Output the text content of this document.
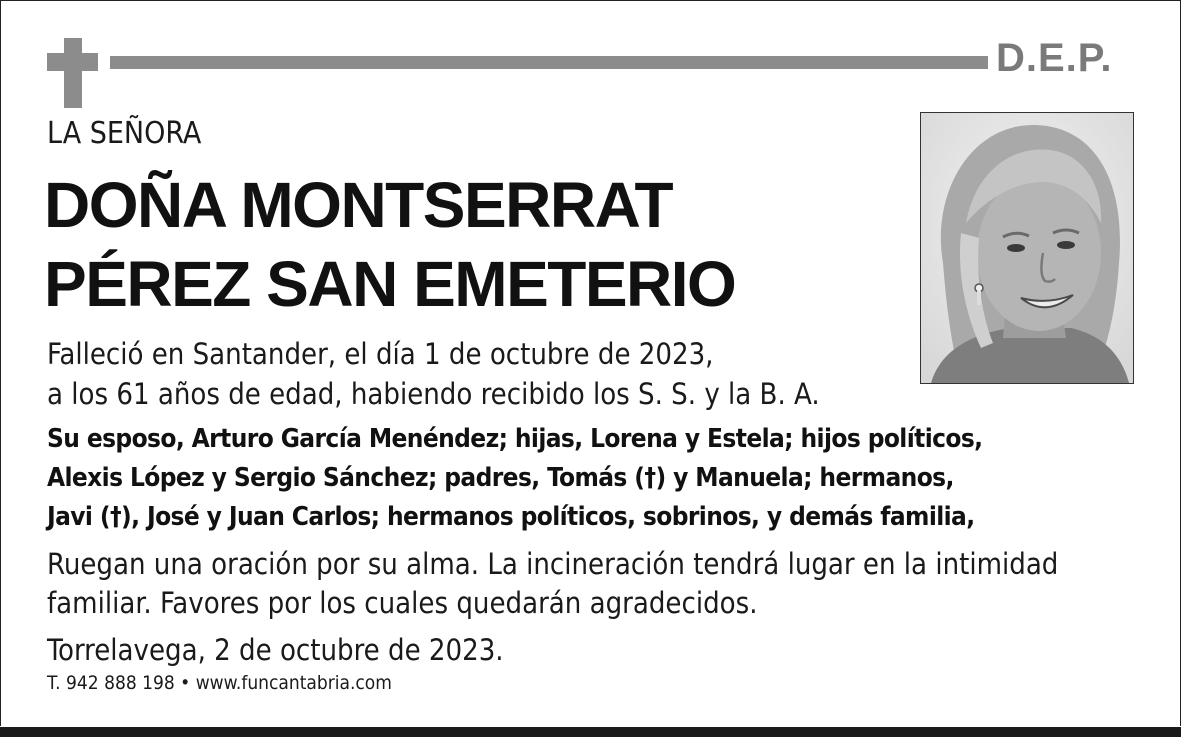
D.E.P.
LA SEÑORA
DOÑA MONTSERRAT
PÉREZ SAN EMETERIO
Falleció en Santander, el día 1 de octubre de 2023,
a los 61 años de edad, habiendo recibido los S. S. y la B. A.
Su esposo, Arturo García Menéndez; hijas, Lorena y Estela; hijos políticos,
Alexis López y Sergio Sánchez; padres, Tomás (†) y Manuela; hermanos,
Javi (†), José y Juan Carlos; hermanos políticos, sobrinos, y demás familia,
Ruegan una oración por su alma. La incineración tendrá lugar en la intimidad
familiar. Favores por los cuales quedarán agradecidos.
Torrelavega, 2 de octubre de 2023.
T. 942 888 198 • www.funcantabria.com
